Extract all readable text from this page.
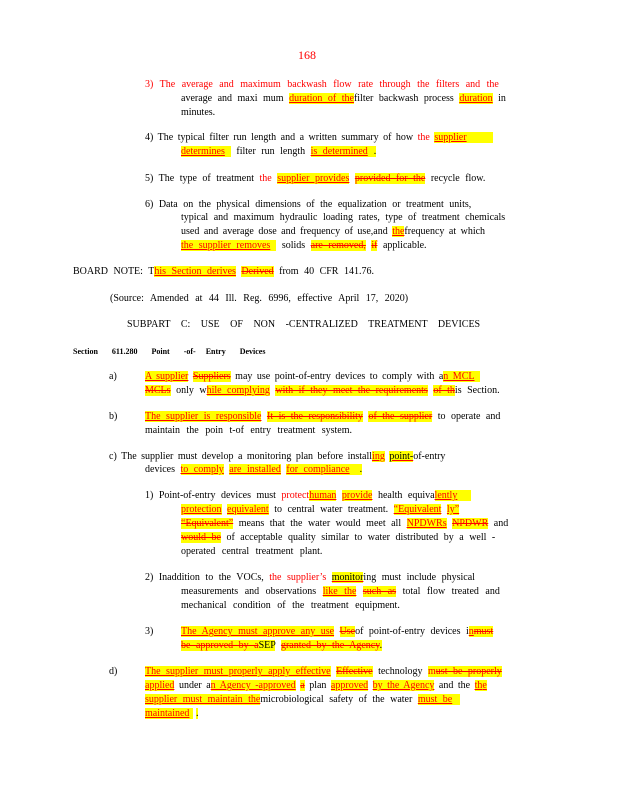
168
3) The average and maximum backwash flow rate through the filters and the
average and maxi mum duration of thefilter backwash process duration in
minutes.
4) The typical filter run length and a written summary of how the supplier
determines filter run length is determined .
5) The type of treatment the supplier provides provided for the recycle flow.
6) Data on the physical dimensions of the equalization or treatment units,
typical and maximum hydraulic loading rates, type of treatment chemicals
used and average dose and frequency of use,and thefrequency at which
the supplier removes solids are removed, if applicable.
BOARD NOTE: This Section derives Derived from 40 CFR 141.76.
(Source: Amended at 44 Ill. Reg. 6996, effective April 17, 2020)
SUBPART C: USE OF NON -CENTRALIZED TREATMENT DEVICES
Section 611.280 Point -of- Entry Devices
a)	A supplier Suppliers may use point-of-entry devices to comply with an MCL
MCLs only while complying with if they meet the requirements of this Section.
b)	The supplier is responsible It is the responsibility of the supplier to operate and
maintain the poin t-of entry treatment system.
c) The supplier must develop a monitoring plan before installing point-of-entry
devices to comply are installed for compliance .
1) Point-of-entry devices must protecthuman provide health equivalently
protection equivalent to central water treatment. “Equivalent ly”
“Equivalent” means that the water would meet all NPDWRs NPDWR and
would be of acceptable quality similar to water distributed by a well -
operated central treatment plant.
2) Inaddition to the VOCs, the supplier’s monitoring must include physical
measurements and observations like the such as total flow treated and
mechanical condition of the treatment equipment.
3)	The Agency must approve any use Useof point-of-entry devices inmust
be approved by aSEP granted by the Agency.
d)	The supplier must properly apply effective Effective technology must be properly
applied under an Agency -approved a plan approved by the Agency and the the
supplier must maintain themicrobiological safety of the water must be
maintained .
